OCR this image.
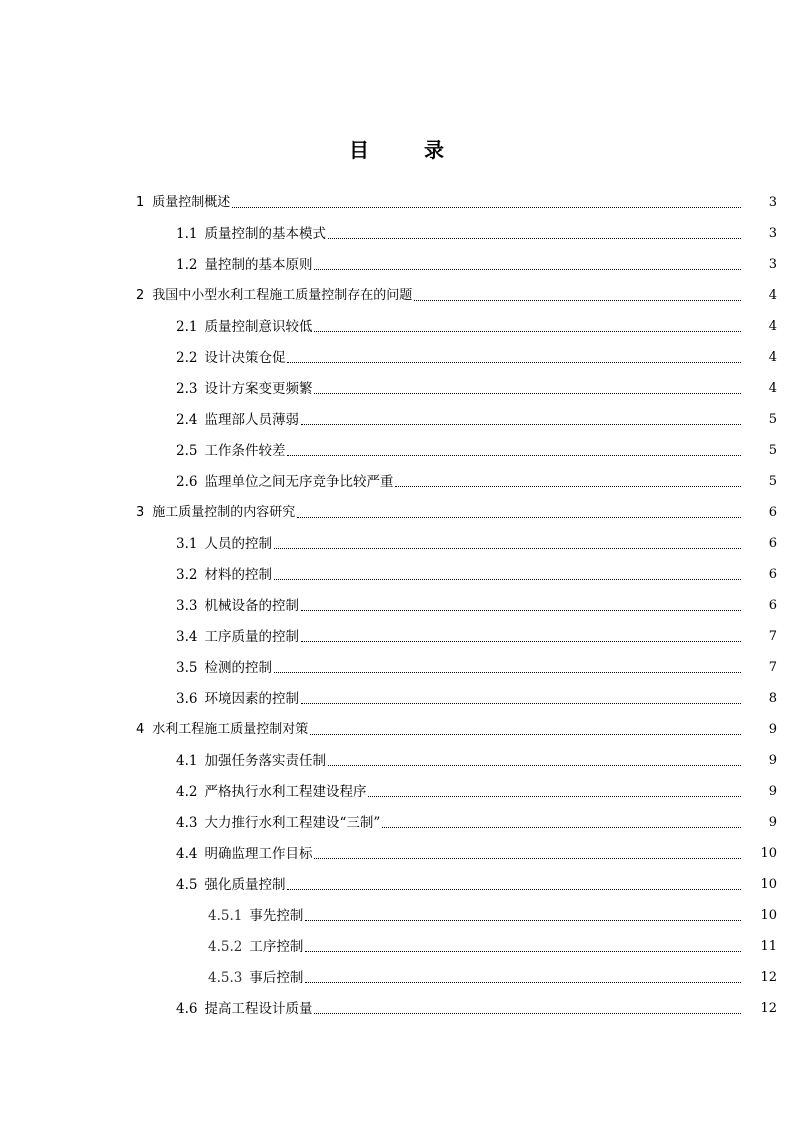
目 录
1 质量控制概述	3
1.1 质量控制的基本模式	3
1.2 量控制的基本原则	3
2 我国中小型水利工程施工质量控制存在的问题	4
2.1 质量控制意识较低	4
2.2 设计决策仓促	4
2.3 设计方案变更频繁	4
2.4 监理部人员薄弱	5
2.5 工作条件较差	5
2.6 监理单位之间无序竞争比较严重	5
3 施工质量控制的内容研究	6
3.1 人员的控制	6
3.2 材料的控制	6
3.3 机械设备的控制	6
3.4 工序质量的控制	7
3.5 检测的控制	7
3.6 环境因素的控制	8
4 水利工程施工质量控制对策	9
4.1 加强任务落实责任制	9
4.2 严格执行水利工程建设程序	9
4.3 大力推行水利工程建设“三制”	9
4.4 明确监理工作目标	10
4.5 强化质量控制	10
4.5.1 事先控制	10
4.5.2 工序控制	11
4.5.3 事后控制	12
4.6 提高工程设计质量	12
